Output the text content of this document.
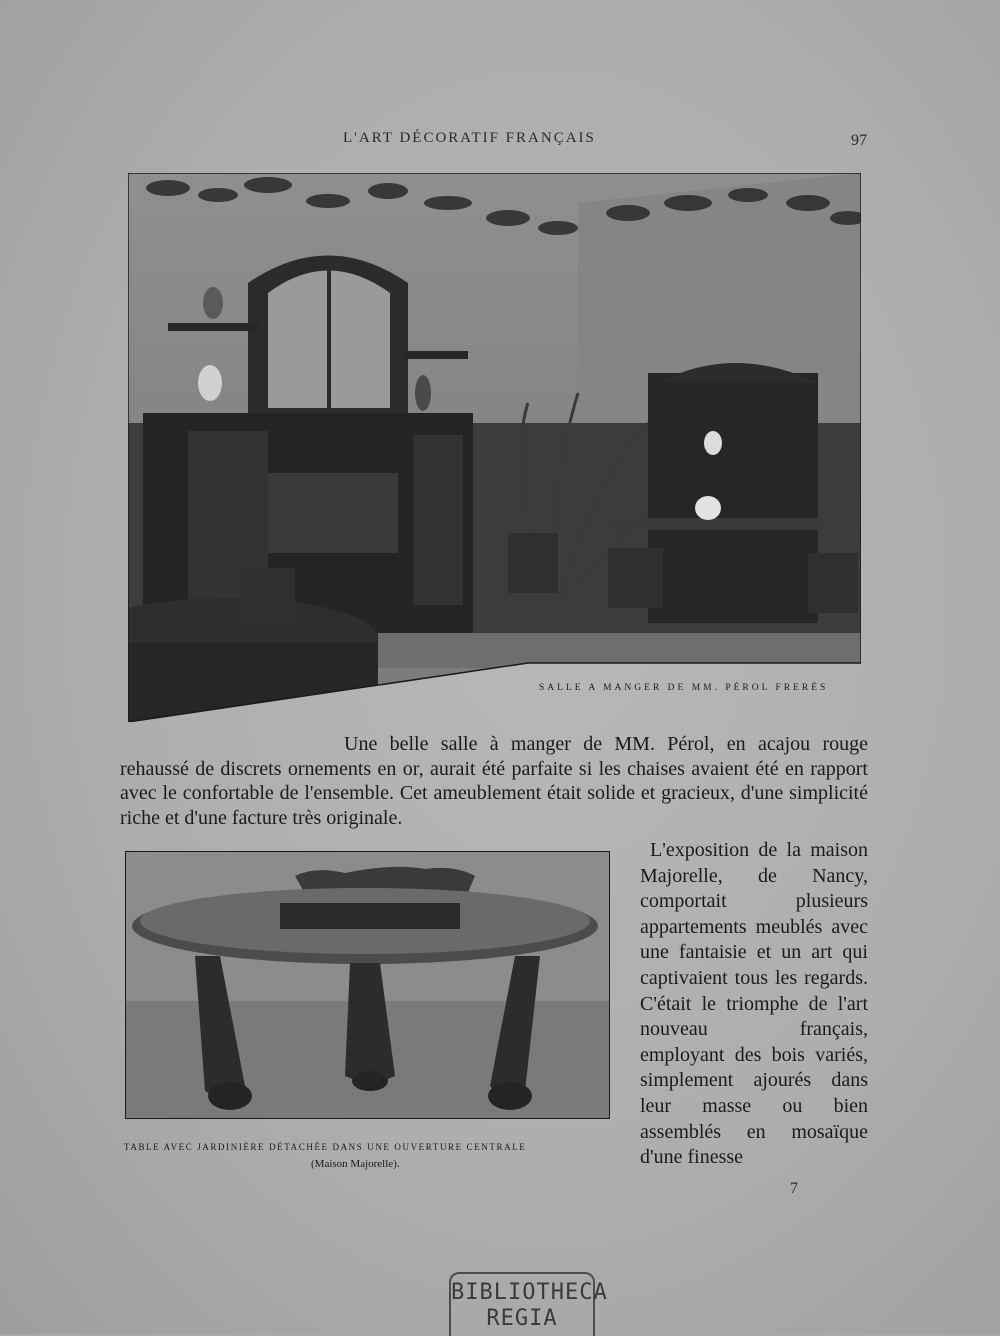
L'ART DÉCORATIF FRANÇAIS	97
SALLE A MANGER DE MM. PÉROL FRERÈS

Une belle salle à manger de MM. Pérol, en acajou rouge rehaussé de discrets ornements en or, aurait été parfaite si les chaises avaient été en rapport avec le confortable de l'ensemble. Cet ameublement était solide et gracieux, d'une simplicité riche et d'une facture très originale.

TABLE AVEC JARDINIÈRE DÉTACHÉE DANS UNE OUVERTURE CENTRALE
(Maison Majorelle).

L'exposition de la maison Majorelle, de Nancy, comportait plusieurs appartements meublés avec une fantaisie et un art qui captivaient tous les regards. C'était le triomphe de l'art nouveau français, employant des bois variés, simplement ajourés dans leur masse ou bien assemblés en mosaïque d'une finesse

7
BIBLIOTHECA
REGIA
